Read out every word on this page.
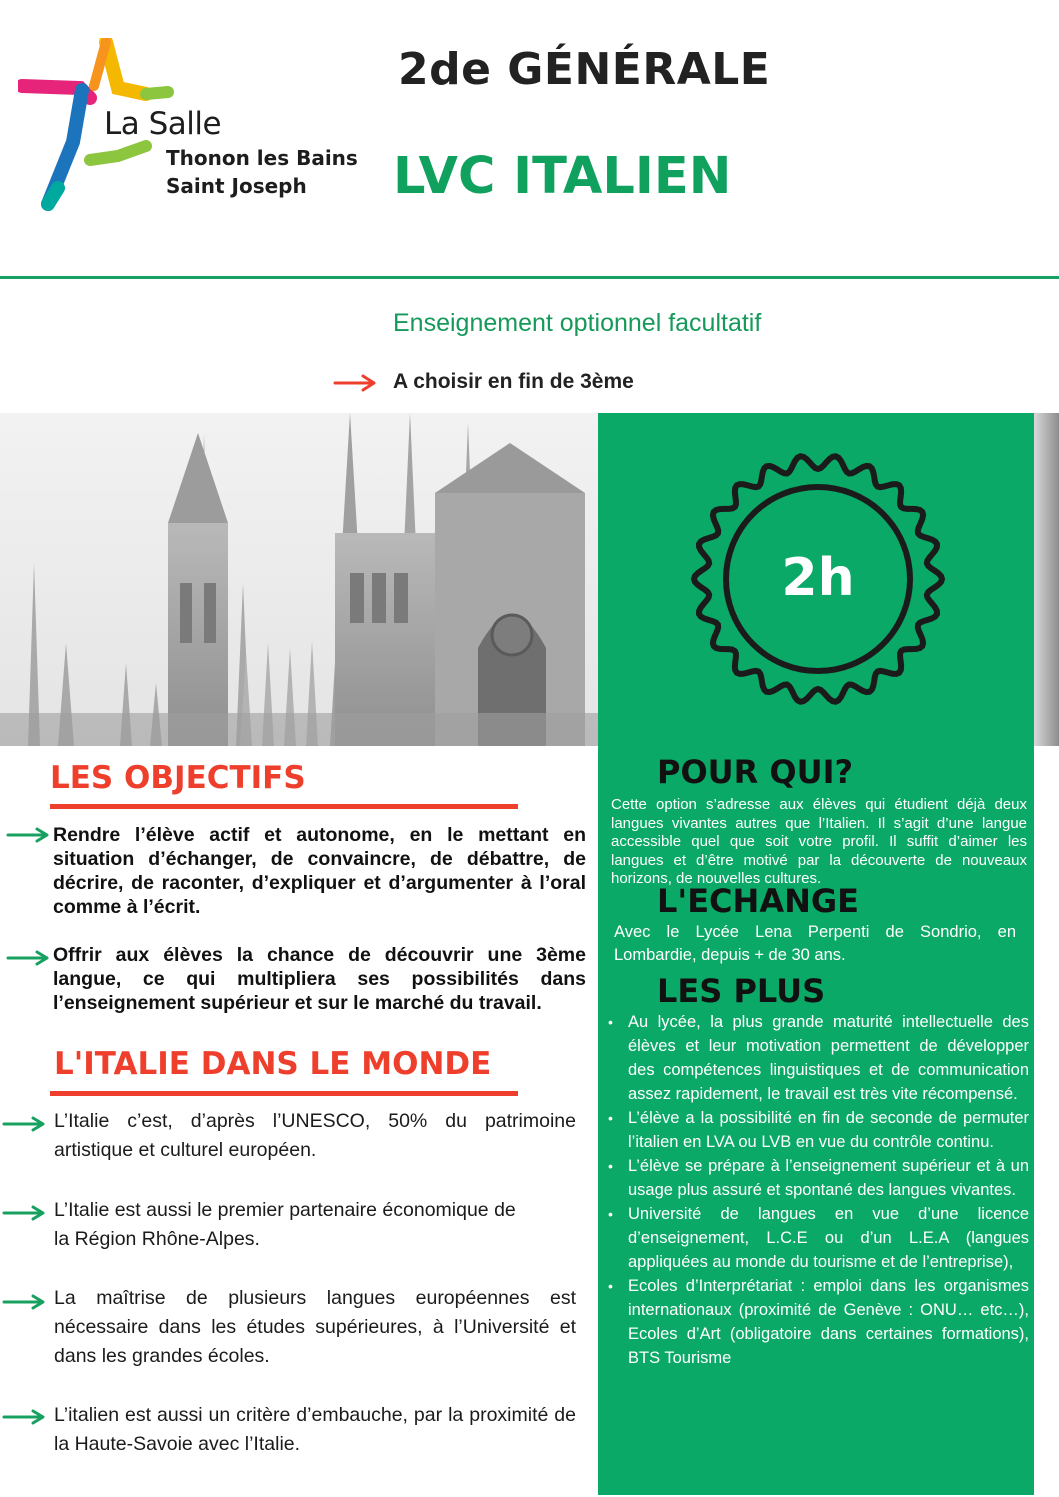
La Salle
Thonon les Bains
Saint Joseph
2de GÉNÉRALE
LVC ITALIEN
Enseignement optionnel facultatif
A choisir en fin de 3ème
2h
POUR QUI?
Cette option s’adresse aux élèves qui étudient déjà deux langues vivantes autres que l’Italien. Il s’agit d’une langue accessible quel que soit votre profil. Il suffit d’aimer les langues et d’être motivé par la découverte de nouveaux horizons, de nouvelles cultures.
L'ECHANGE
Avec le Lycée Lena Perpenti de Sondrio, en Lombardie, depuis + de 30 ans.
LES PLUS
• Au lycée, la plus grande maturité intellectuelle des élèves et leur motivation permettent de développer des compétences linguistiques et de communication assez rapidement, le travail est très vite récompensé.
• L’élève a la possibilité en fin de seconde de permuter l’italien en LVA ou LVB en vue du contrôle continu.
• L’élève se prépare à l’enseignement supérieur et à un usage plus assuré et spontané des langues vivantes.
• Université de langues en vue d’une licence d’enseignement, L.C.E ou d’un L.E.A (langues appliquées au monde du tourisme et de l’entreprise),
• Ecoles d’Interprétariat : emploi dans les organismes internationaux (proximité de Genève : ONU… etc…), Ecoles d’Art (obligatoire dans certaines formations), BTS Tourisme
LES OBJECTIFS
Rendre l’élève actif et autonome, en le mettant en situation d’échanger, de convaincre, de débattre, de décrire, de raconter, d’expliquer et d’argumenter à l’oral comme à l’écrit.
Offrir aux élèves la chance de découvrir une 3ème langue, ce qui multipliera ses possibilités dans l’enseignement supérieur et sur le marché du travail.
L'ITALIE DANS LE MONDE
L’Italie c’est, d’après l’UNESCO, 50% du patrimoine artistique et culturel européen.
L’Italie est aussi le premier partenaire économique de la Région Rhône-Alpes.
La maîtrise de plusieurs langues européennes est nécessaire dans les études supérieures, à l’Université et dans les grandes écoles.
L’italien est aussi un critère d’embauche, par la proximité de la Haute-Savoie avec l’Italie.
